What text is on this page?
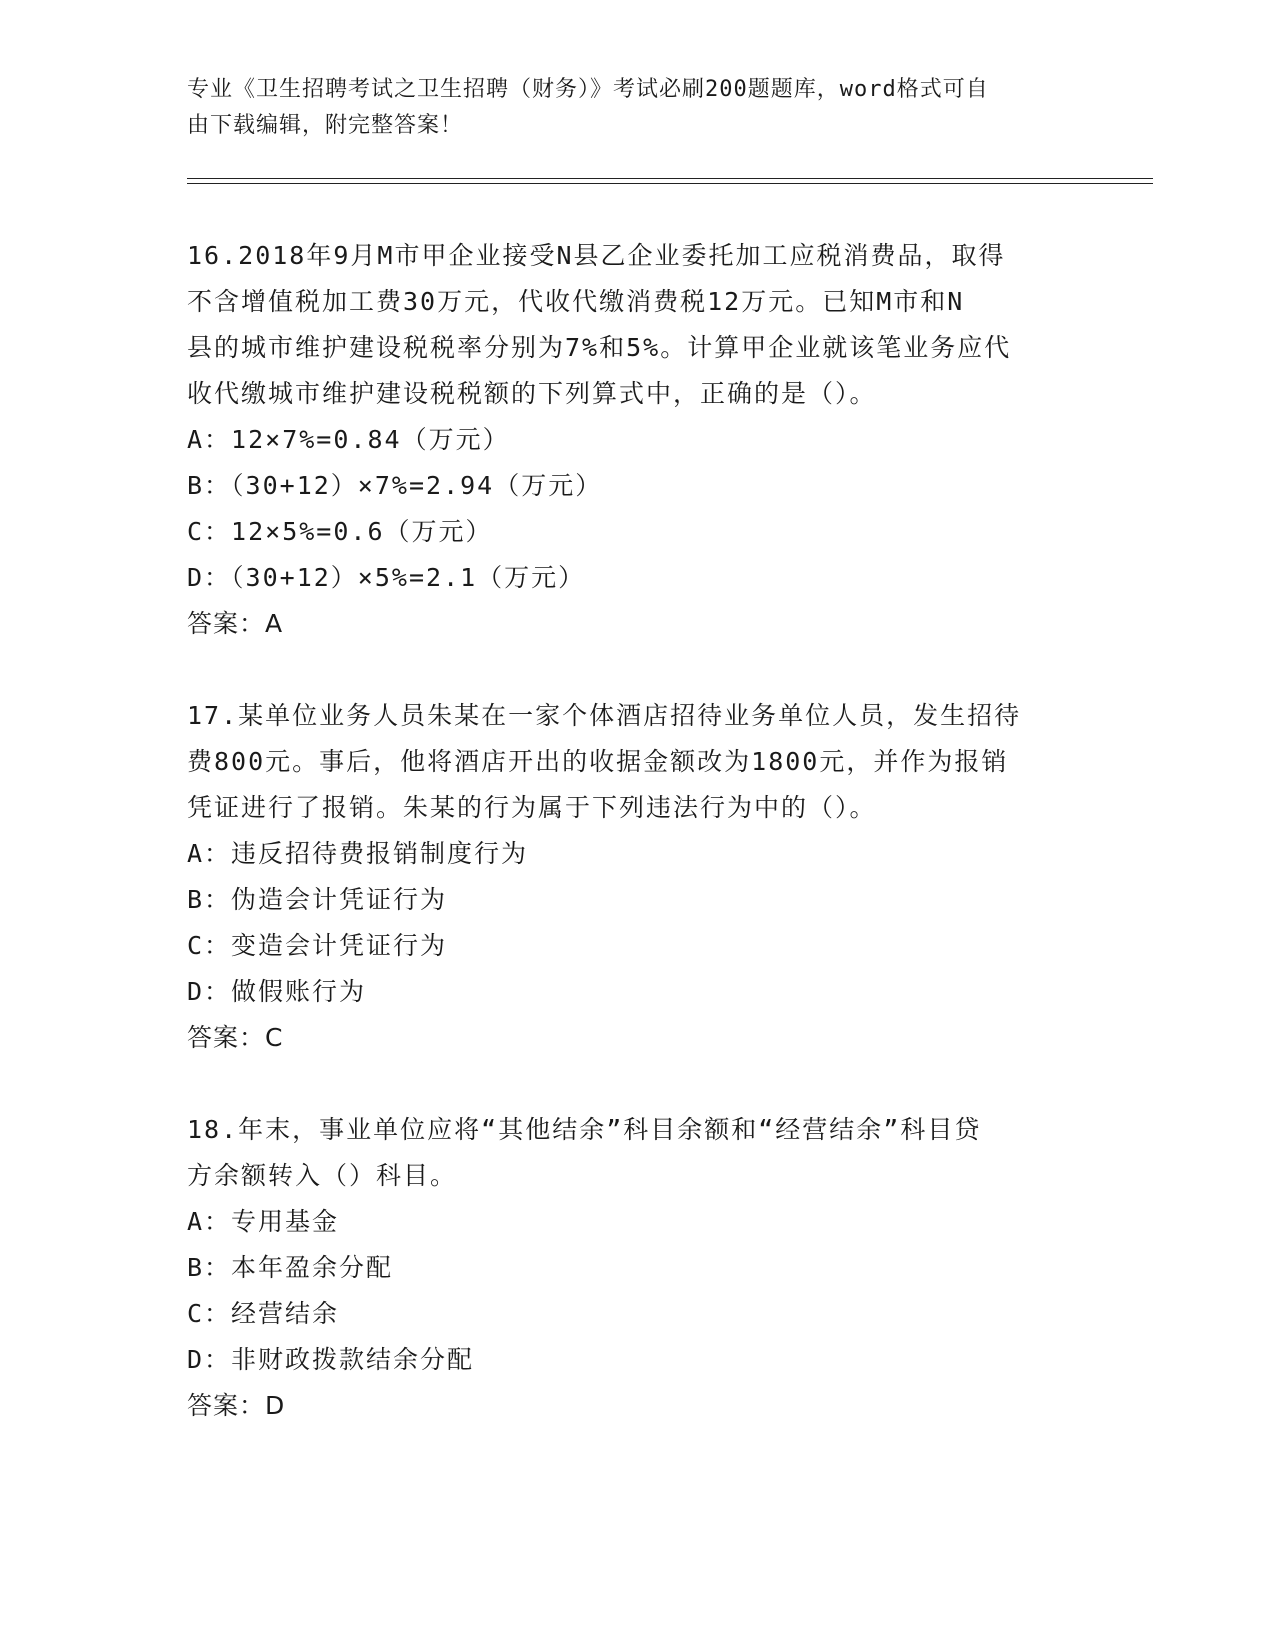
专业《卫生招聘考试之卫生招聘（财务）》考试必刷200题题库，word格式可自
由下载编辑，附完整答案！

16.2018年9月M市甲企业接受N县乙企业委托加工应税消费品，取得

不含增值税加工费30万元，代收代缴消费税12万元。已知M市和N

县的城市维护建设税税率分别为7%和5%。计算甲企业就该笔业务应代

收代缴城市维护建设税税额的下列算式中，正确的是（）。

A：12×7%=0.84（万元）

B：（30+12）×7%=2.94（万元）

C：12×5%=0.6（万元）

D：（30+12）×5%=2.1（万元）

答案：A

17.某单位业务人员朱某在一家个体酒店招待业务单位人员，发生招待

费800元。事后，他将酒店开出的收据金额改为1800元，并作为报销

凭证进行了报销。朱某的行为属于下列违法行为中的（）。

A：违反招待费报销制度行为

B：伪造会计凭证行为

C：变造会计凭证行为

D：做假账行为

答案：C

18.年末，事业单位应将“其他结余”科目余额和“经营结余”科目贷

方余额转入（）科目。

A：专用基金

B：本年盈余分配

C：经营结余

D：非财政拨款结余分配

答案：D
